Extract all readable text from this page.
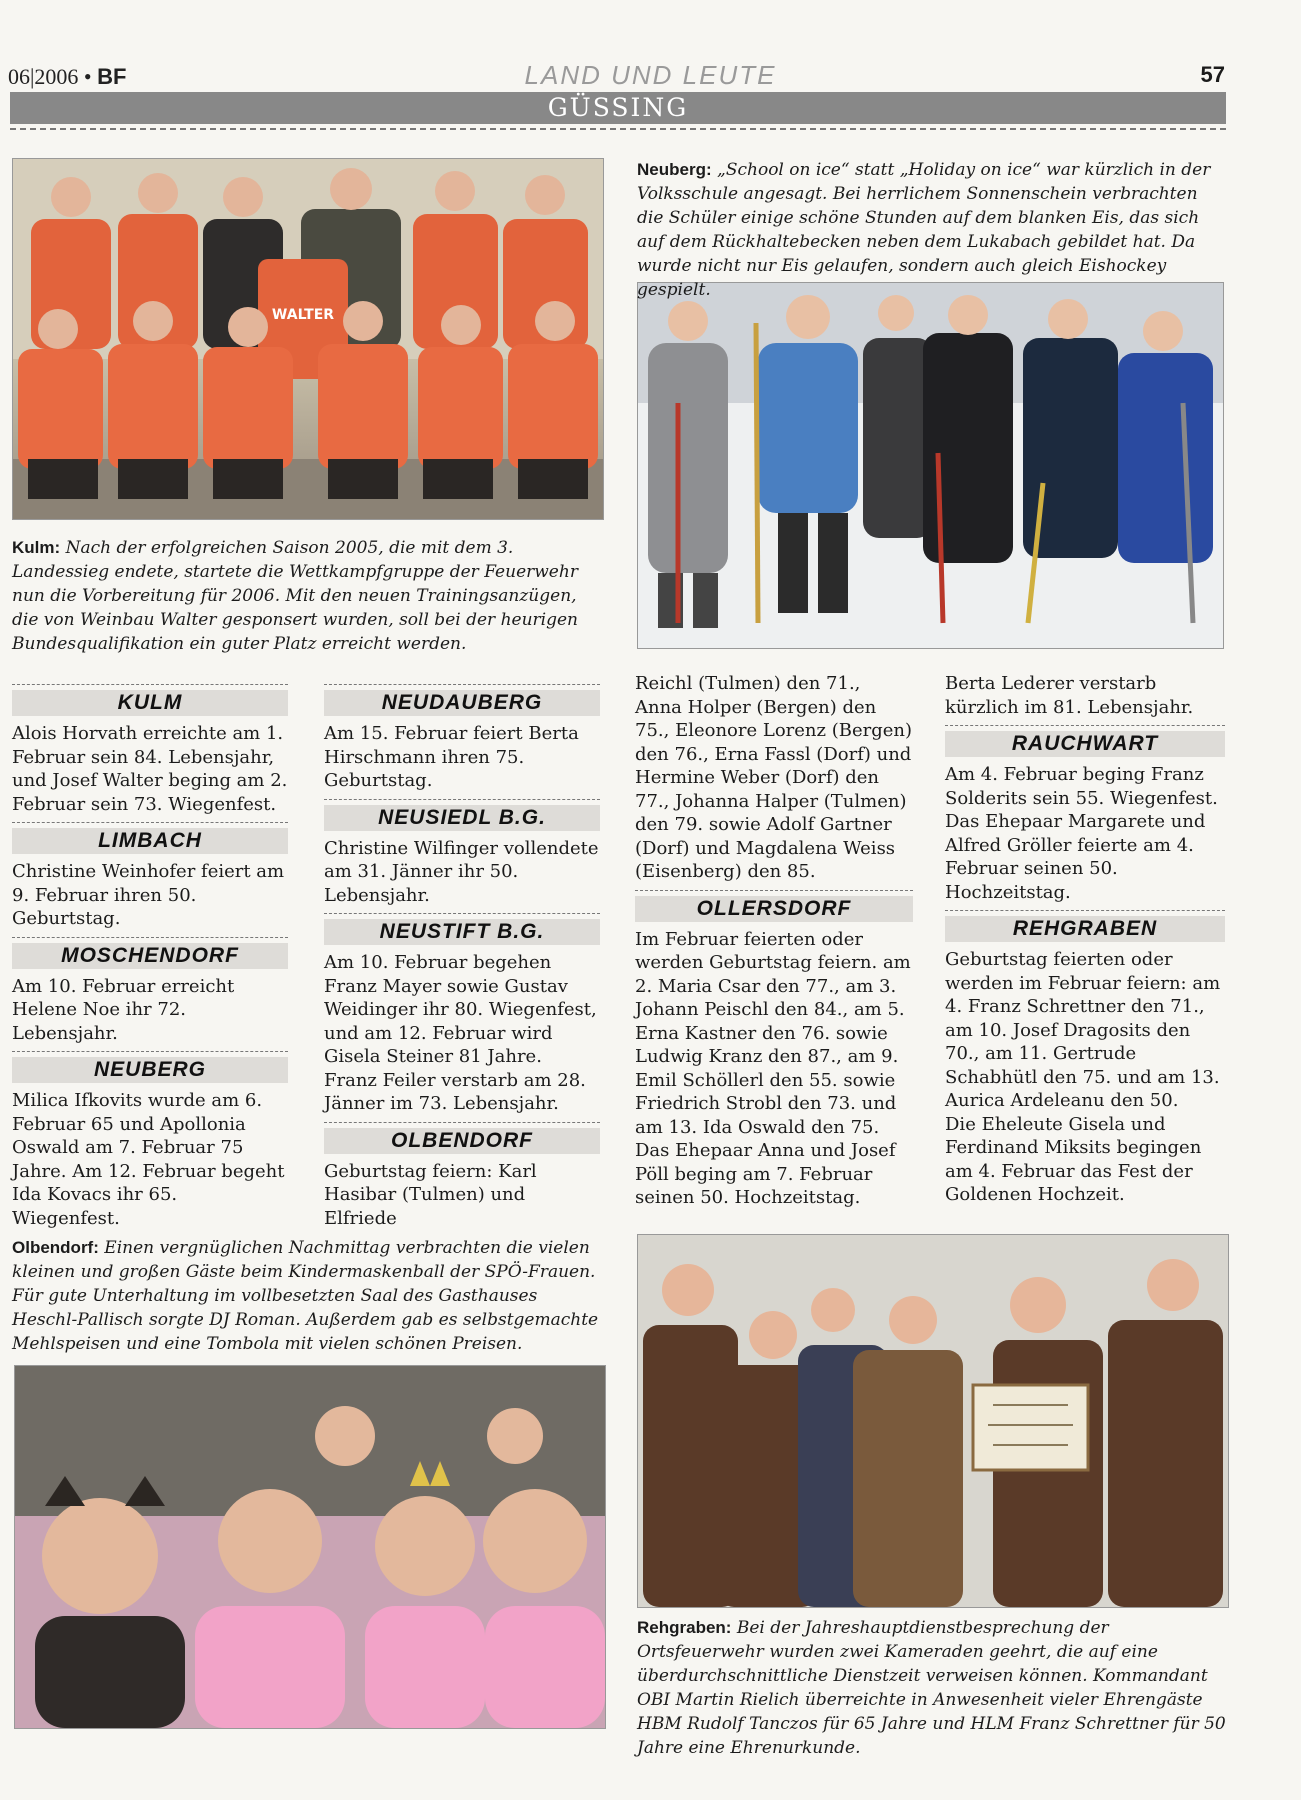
06|2006 • BF	LAND UND LEUTE	57
GÜSSING
WALTER
Neuberg: „School on ice“ statt „Holiday on ice“ war kürzlich in der Volksschule angesagt. Bei herrlichem Sonnenschein verbrachten die Schüler einige schöne Stunden auf dem blanken Eis, das sich auf dem Rückhaltebecken neben dem Lukabach gebildet hat. Da wurde nicht nur Eis gelaufen, sondern auch gleich Eishockey gespielt.
Kulm: Nach der erfolgreichen Saison 2005, die mit dem 3. Landessieg endete, startete die Wettkampfgruppe der Feuerwehr nun die Vorbereitung für 2006. Mit den neuen Trainingsanzügen, die von Weinbau Walter gesponsert wurden, soll bei der heurigen Bundesqualifikation ein guter Platz erreicht werden.
KULM

Alois Horvath erreichte am 1. Februar sein 84. Lebensjahr, und Josef Walter beging am 2. Februar sein 73. Wiegenfest.

LIMBACH

Christine Weinhofer feiert am 9. Februar ihren 50. Geburtstag.

MOSCHENDORF

Am 10. Februar erreicht Helene Noe ihr 72. Lebensjahr.

NEUBERG

Milica Ifkovits wurde am 6. Februar 65 und Apollonia Oswald am 7. Februar 75 Jahre. Am 12. Februar begeht Ida Kovacs ihr 65. Wiegenfest.

NEUDAUBERG

Am 15. Februar feiert Berta Hirschmann ihren 75. Geburtstag.

NEUSIEDL B.G.

Christine Wilfinger vollendete am 31. Jänner ihr 50. Lebensjahr.

NEUSTIFT B.G.

Am 10. Februar begehen Franz Mayer sowie Gustav Weidinger ihr 80. Wiegenfest, und am 12. Februar wird Gisela Steiner 81 Jahre.

Franz Feiler verstarb am 28. Jänner im 73. Lebensjahr.

OLBENDORF

Geburtstag feiern: Karl Hasibar (Tulmen) und Elfriede

Reichl (Tulmen) den 71., Anna Holper (Bergen) den 75., Eleonore Lorenz (Bergen) den 76., Erna Fassl (Dorf) und Hermine Weber (Dorf) den 77., Johanna Halper (Tulmen) den 79. sowie Adolf Gartner (Dorf) und Magdalena Weiss (Eisenberg) den 85.

OLLERSDORF

Im Februar feierten oder werden Geburtstag feiern. am 2. Maria Csar den 77., am 3. Johann Peischl den 84., am 5. Erna Kastner den 76. sowie Ludwig Kranz den 87., am 9. Emil Schöllerl den 55. sowie Friedrich Strobl den 73. und am 13. Ida Oswald den 75. Das Ehepaar Anna und Josef Pöll beging am 7. Februar seinen 50. Hochzeitstag.

Berta Lederer verstarb kürzlich im 81. Lebensjahr.

RAUCHWART

Am 4. Februar beging Franz Solderits sein 55. Wiegenfest. Das Ehepaar Margarete und Alfred Gröller feierte am 4. Februar seinen 50. Hochzeitstag.

REHGRABEN

Geburtstag feierten oder werden im Februar feiern: am 4. Franz Schrettner den 71., am 10. Josef Dragosits den 70., am 11. Gertrude Schabhütl den 75. und am 13. Aurica Ardeleanu den 50.

Die Eheleute Gisela und Ferdinand Miksits begingen am 4. Februar das Fest der Goldenen Hochzeit.

Olbendorf: Einen vergnüglichen Nachmittag verbrachten die vielen kleinen und großen Gäste beim Kindermaskenball der SPÖ-Frauen. Für gute Unterhaltung im vollbesetzten Saal des Gasthauses Heschl-Pallisch sorgte DJ Roman. Außerdem gab es selbstgemachte Mehlspeisen und eine Tombola mit vielen schönen Preisen.
Rehgraben: Bei der Jahreshauptdienstbesprechung der Ortsfeuerwehr wurden zwei Kameraden geehrt, die auf eine überdurchschnittliche Dienstzeit verweisen können. Kommandant OBI Martin Rielich überreichte in Anwesenheit vieler Ehrengäste HBM Rudolf Tanczos für 65 Jahre und HLM Franz Schrettner für 50 Jahre eine Ehrenurkunde.
